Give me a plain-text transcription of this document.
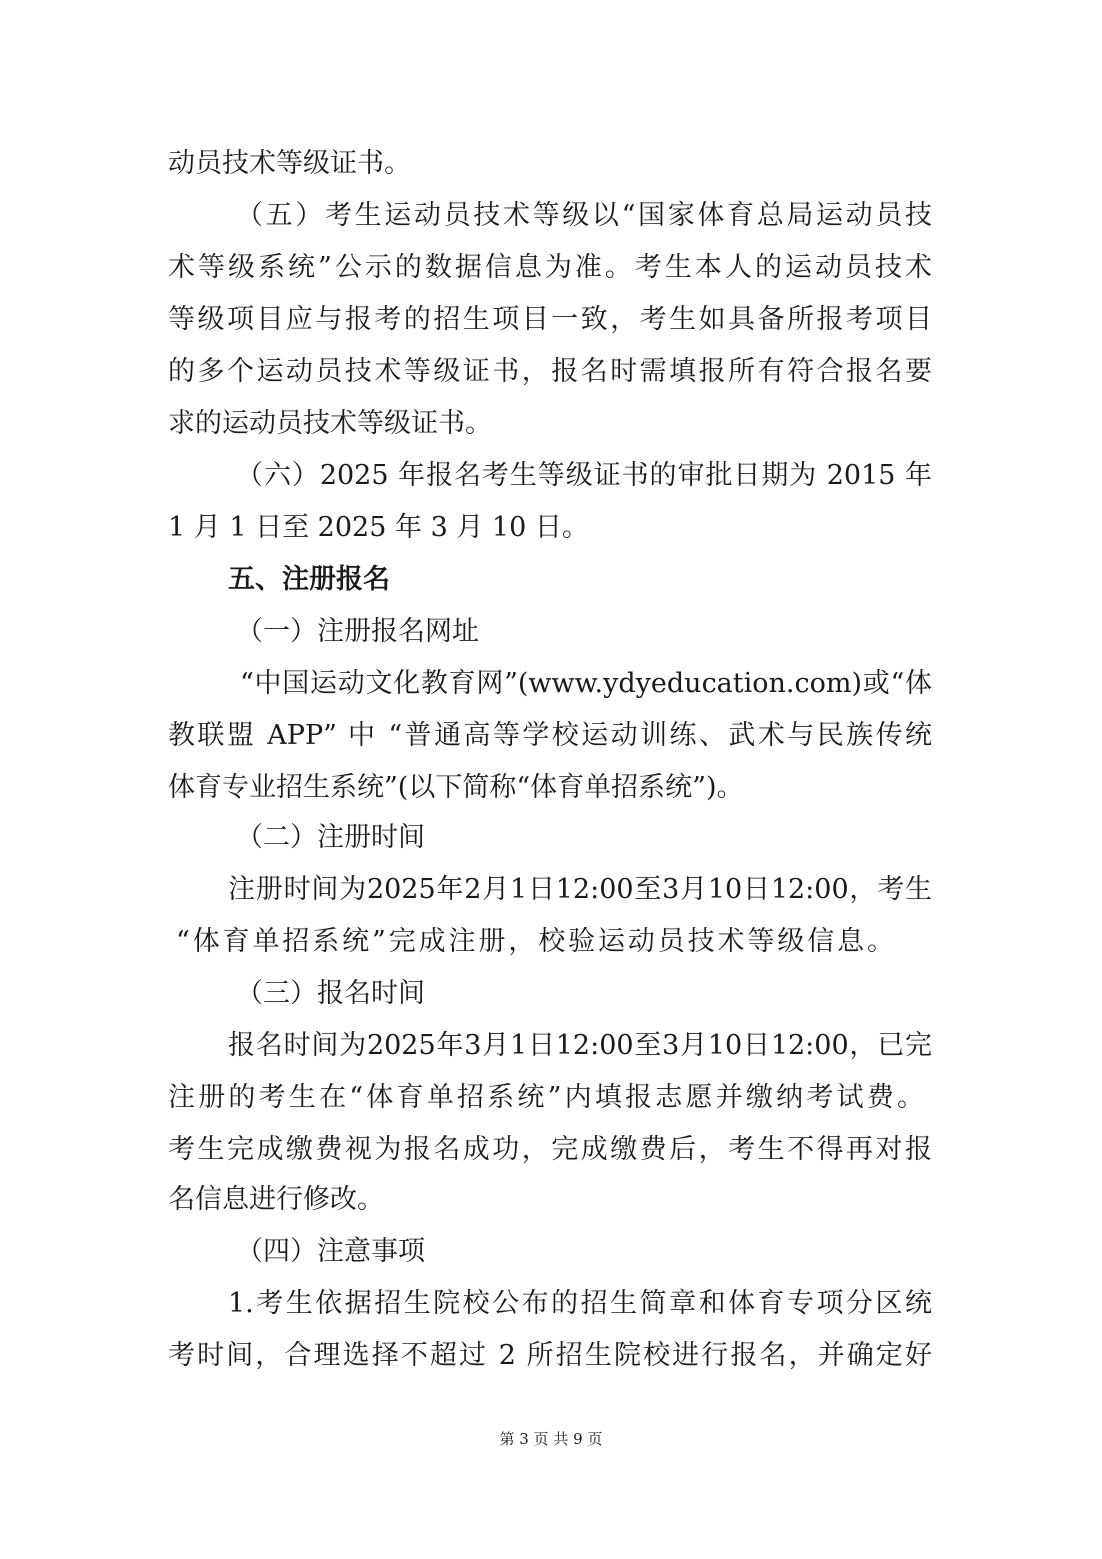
动员技术等级证书。
（五）考生运动员技术等级以“国家体育总局运动员技
术等级系统”公示的数据信息为准。考生本人的运动员技术
等级项目应与报考的招生项目一致，考生如具备所报考项目
的多个运动员技术等级证书，报名时需填报所有符合报名要
求的运动员技术等级证书。
（六）2025 年报名考生等级证书的审批日期为 2015 年
1 月 1 日至 2025 年 3 月 10 日。
五、注册报名
（一）注册报名网址
“中国运动文化教育网”(www.ydyeducation.com)或“体
教联盟 APP” 中 “普通高等学校运动训练、武术与民族传统
体育专业招生系统”(以下简称“体育单招系统”)。
（二）注册时间
注册时间为2025年2月1日12:00至3月10日12:00，考生
“体育单招系统”完成注册，校验运动员技术等级信息。
（三）报名时间
报名时间为2025年3月1日12:00至3月10日12:00，已完
注册的考生在“体育单招系统”内填报志愿并缴纳考试费。
考生完成缴费视为报名成功，完成缴费后，考生不得再对报
名信息进行修改。
（四）注意事项
1.考生依据招生院校公布的招生简章和体育专项分区统
考时间，合理选择不超过 2 所招生院校进行报名，并确定好
第 3 页 共 9 页
